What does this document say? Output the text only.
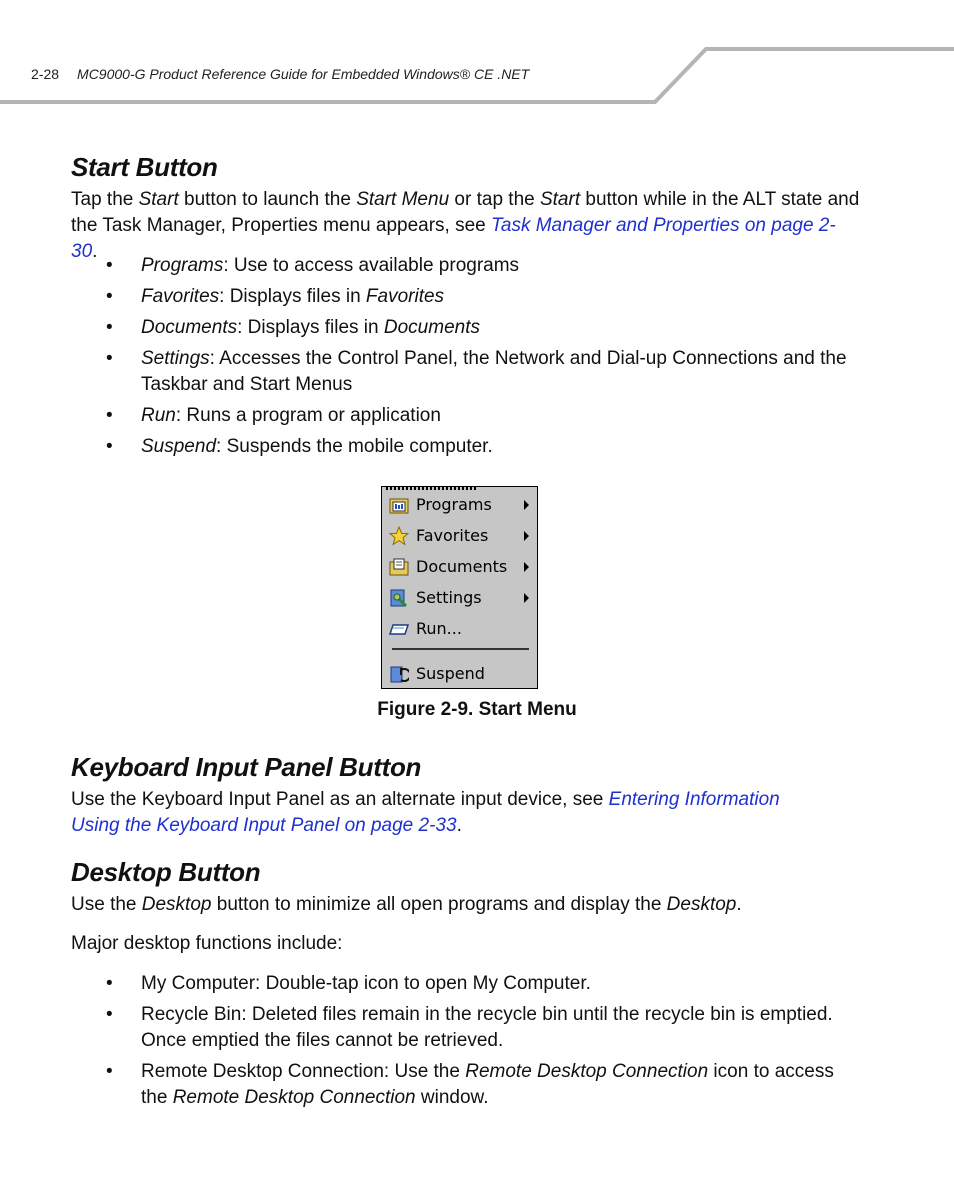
2-28 MC9000-G Product Reference Guide for Embedded Windows® CE .NET
Start Button

Tap the Start button to launch the Start Menu or tap the Start button while in the ALT state and the Task Manager, Properties menu appears, see Task Manager and Properties on page 2-30.

• Programs: Use to access available programs
• Favorites: Displays files in Favorites
• Documents: Displays files in Documents
• Settings: Accesses the Control Panel, the Network and Dial-up Connections and the Taskbar and Start Menus
• Run: Runs a program or application
• Suspend: Suspends the mobile computer.
Programs
Favorites
Documents
Settings
Run...
Suspend
Figure 2-9. Start Menu
Keyboard Input Panel Button

Use the Keyboard Input Panel as an alternate input device, see Entering Information Using the Keyboard Input Panel on page 2-33.

Desktop Button

Use the Desktop button to minimize all open programs and display the Desktop.

Major desktop functions include:

• My Computer: Double-tap icon to open My Computer.
• Recycle Bin: Deleted files remain in the recycle bin until the recycle bin is emptied. Once emptied the files cannot be retrieved.
• Remote Desktop Connection: Use the Remote Desktop Connection icon to access the Remote Desktop Connection window.
